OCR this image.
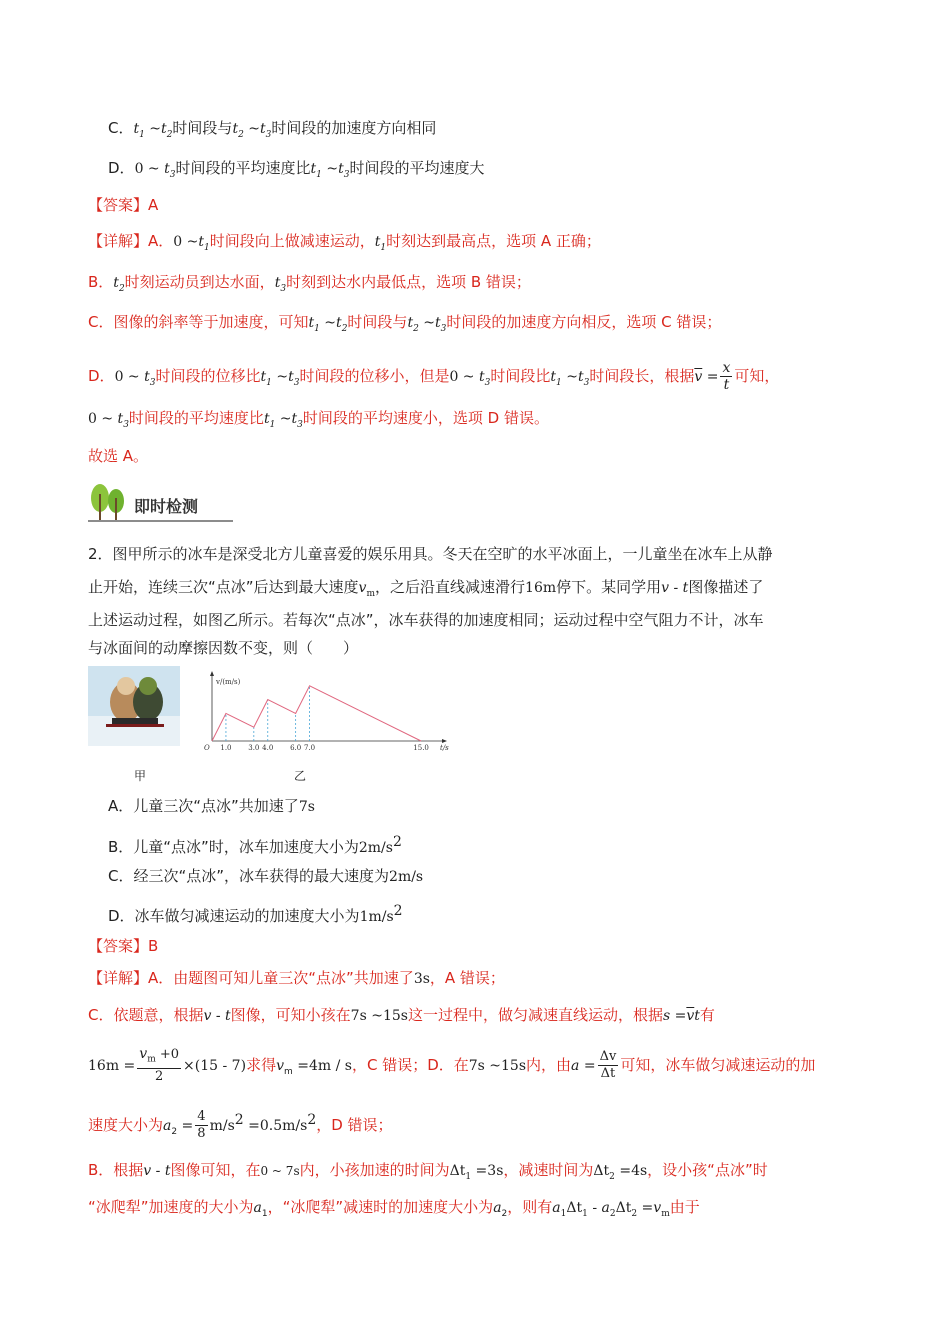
C．$t_1$ $\sim t_2$时间段与$t_2$ $\sim t_3$时间段的加速度方向相同
D．0 ~ $t_3$时间段的平均速度比$t_1$ $\sim t_3$时间段的平均速度大
【答案】A
【详解】A．0 $\sim t_1$时间段向上做减速运动，$t_1$时刻达到最高点，选项 A 正确；
B．$t_2$时刻运动员到达水面，$t_3$时刻到达水内最低点，选项 B 错误；
C．图像的斜率等于加速度，可知$t_1$ $\sim t_2$时间段与$t_2$ $\sim t_3$时间段的加速度方向相反，选项 C 错误；
D．0 ~ $t_3$时间段的位移比$t_1$ $\sim t_3$时间段的位移小，但是0 ~ $t_3$时间段比$t_1$ $\sim t_3$时间段长，根据$\overline{v} = \frac{x}{t}$ 可知，
0 ~ $t_3$时间段的平均速度比$t_1$ $\sim t_3$时间段的平均速度小，选项 D 错误。
故选 A。
即时检测
2．图甲所示的冰车是深受北方儿童喜爱的娱乐用具。冬天在空旷的水平冰面上，一儿童坐在冰车上从静
止开始，连续三次“点冰”后达到最大速度$v_m$，之后沿直线减速滑行16m停下。某同学用v - t图像描述了
上述运动过程，如图乙所示。若每次“点冰”，冰车获得的加速度相同；运动过程中空气阻力不计，冰车
与冰面间的动摩擦因数不变，则（　　）
1.0 3.0 4.0 6.0 7.0	15.0
O
v/(m/s)
t/s
甲	乙
A．儿童三次“点冰”共加速了7s
B．儿童“点冰”时，冰车加速度大小为$2m/s^2$
C．经三次“点冰”，冰车获得的最大速度为2m/s
D．冰车做匀减速运动的加速度大小为$1m/s^2$
【答案】B
【详解】A．由题图可知儿童三次“点冰”共加速了3s，A 错误；
C．依题意，根据v - t图像，可知小孩在7s ~15s这一过程中，做匀减速直线运动，根据$s =\overline{v}t$有
$16m = \frac{v_m +0}{2} \times(15 - 7)$求得$v_m =4m / s$，C 错误；D．在7s ~15s内，由$a = \frac{\Delta v}{\Delta t}$ 可知，冰车做匀减速运动的加
速度大小为$a_2 = \frac{4}{8} m/s^2 =0.5m/s^2$，D 错误；
B．根据v - t图像可知，在0 ~ 7s内，小孩加速的时间为$\Delta t_1 =3s$，减速时间为$\Delta t_2 =4s$，设小孩“点冰”时
“冰爬犁”加速度的大小为$a_1$，“冰爬犁”减速时的加速度大小为$a_2$，则有$a_1\Delta t_1 - a_2\Delta t_2 =v_m$由于
